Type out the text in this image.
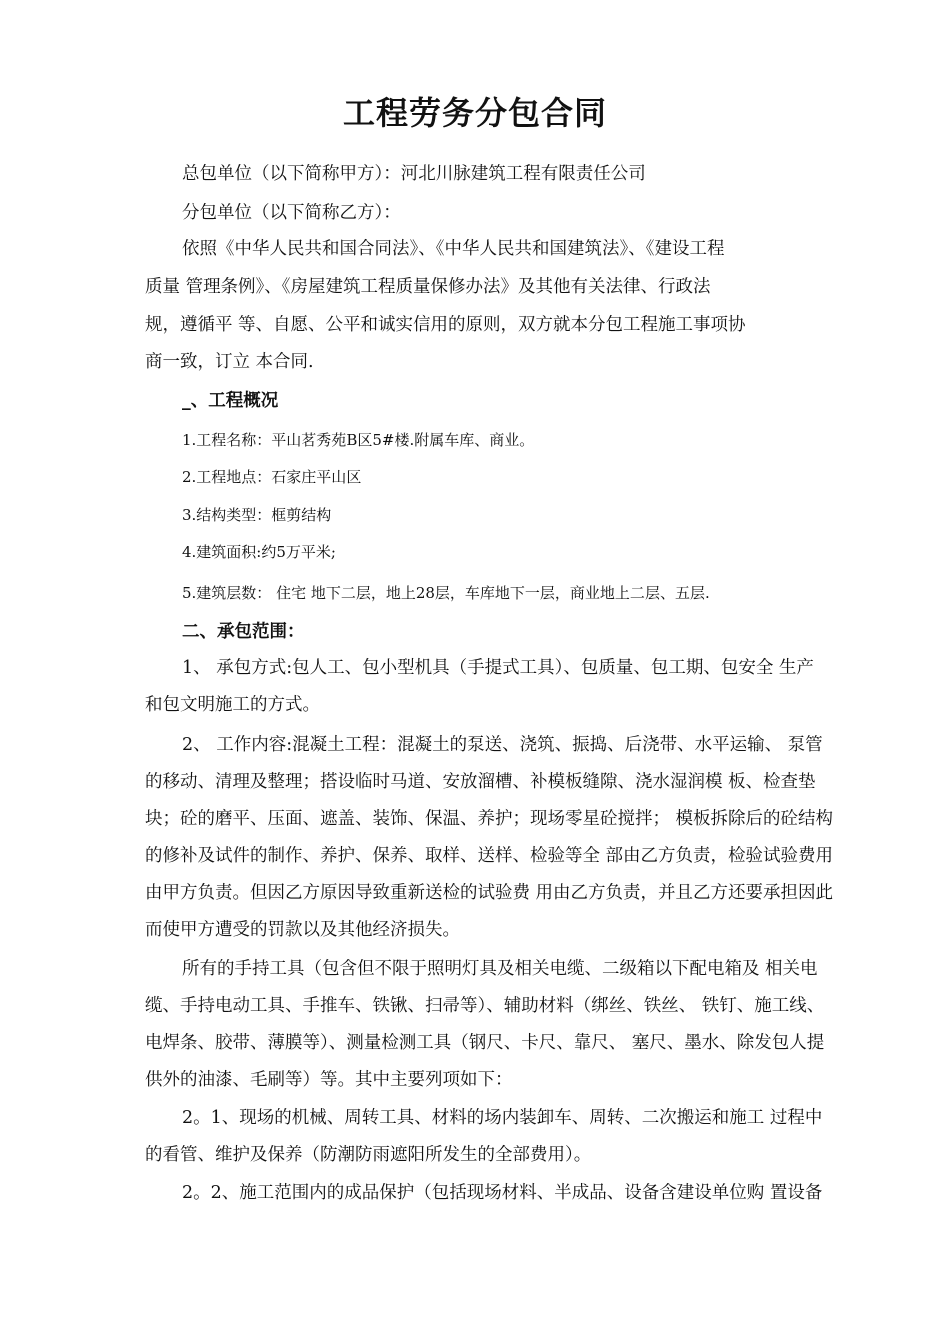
工程劳务分包合同
总包单位（以下简称甲方）：河北川脉建筑工程有限责任公司
分包单位（以下简称乙方）：
依照《中华人民共和国合同法》、《中华人民共和国建筑法》、《建设工程
质量 管理条例》、《房屋建筑工程质量保修办法》及其他有关法律、行政法
规，遵循平 等、自愿、公平和诚实信用的原则，双方就本分包工程施工事项协
商一致，订立 本合同.
_、工程概况
1.工程名称：平山茗秀苑B区5#楼.附属车库、商业。
2.工程地点：石家庄平山区
3.结构类型：框剪结构
4.建筑面积:约5万平米;
5.建筑层数： 住宅 地下二层，地上28层，车库地下一层，商业地上二层、五层.
二、承包范围：
1、 承包方式:包人工、包小型机具（手提式工具）、包质量、包工期、包安全 生产
和包文明施工的方式。
2、 工作内容:混凝土工程：混凝土的泵送、浇筑、振捣、后浇带、水平运输、 泵管
的移动、清理及整理；搭设临时马道、安放溜槽、补模板缝隙、浇水湿润模 板、检查垫
块；砼的磨平、压面、遮盖、装饰、保温、养护；现场零星砼搅拌； 模板拆除后的砼结构
的修补及试件的制作、养护、保养、取样、送样、检验等全 部由乙方负责，检验试验费用
由甲方负责。但因乙方原因导致重新送检的试验费 用由乙方负责，并且乙方还要承担因此
而使甲方遭受的罚款以及其他经济损失。
所有的手持工具（包含但不限于照明灯具及相关电缆、二级箱以下配电箱及 相关电
缆、手持电动工具、手推车、铁锹、扫帚等）、辅助材料（绑丝、铁丝、 铁钉、施工线、
电焊条、胶带、薄膜等）、测量检测工具（钢尺、卡尺、靠尺、 塞尺、墨水、除发包人提
供外的油漆、毛刷等）等。其中主要列项如下：
2。1、现场的机械、周转工具、材料的场内装卸车、周转、二次搬运和施工 过程中
的看管、维护及保养（防潮防雨遮阳所发生的全部费用）。
2。2、施工范围内的成品保护（包括现场材料、半成品、设备含建设单位购 置设备
